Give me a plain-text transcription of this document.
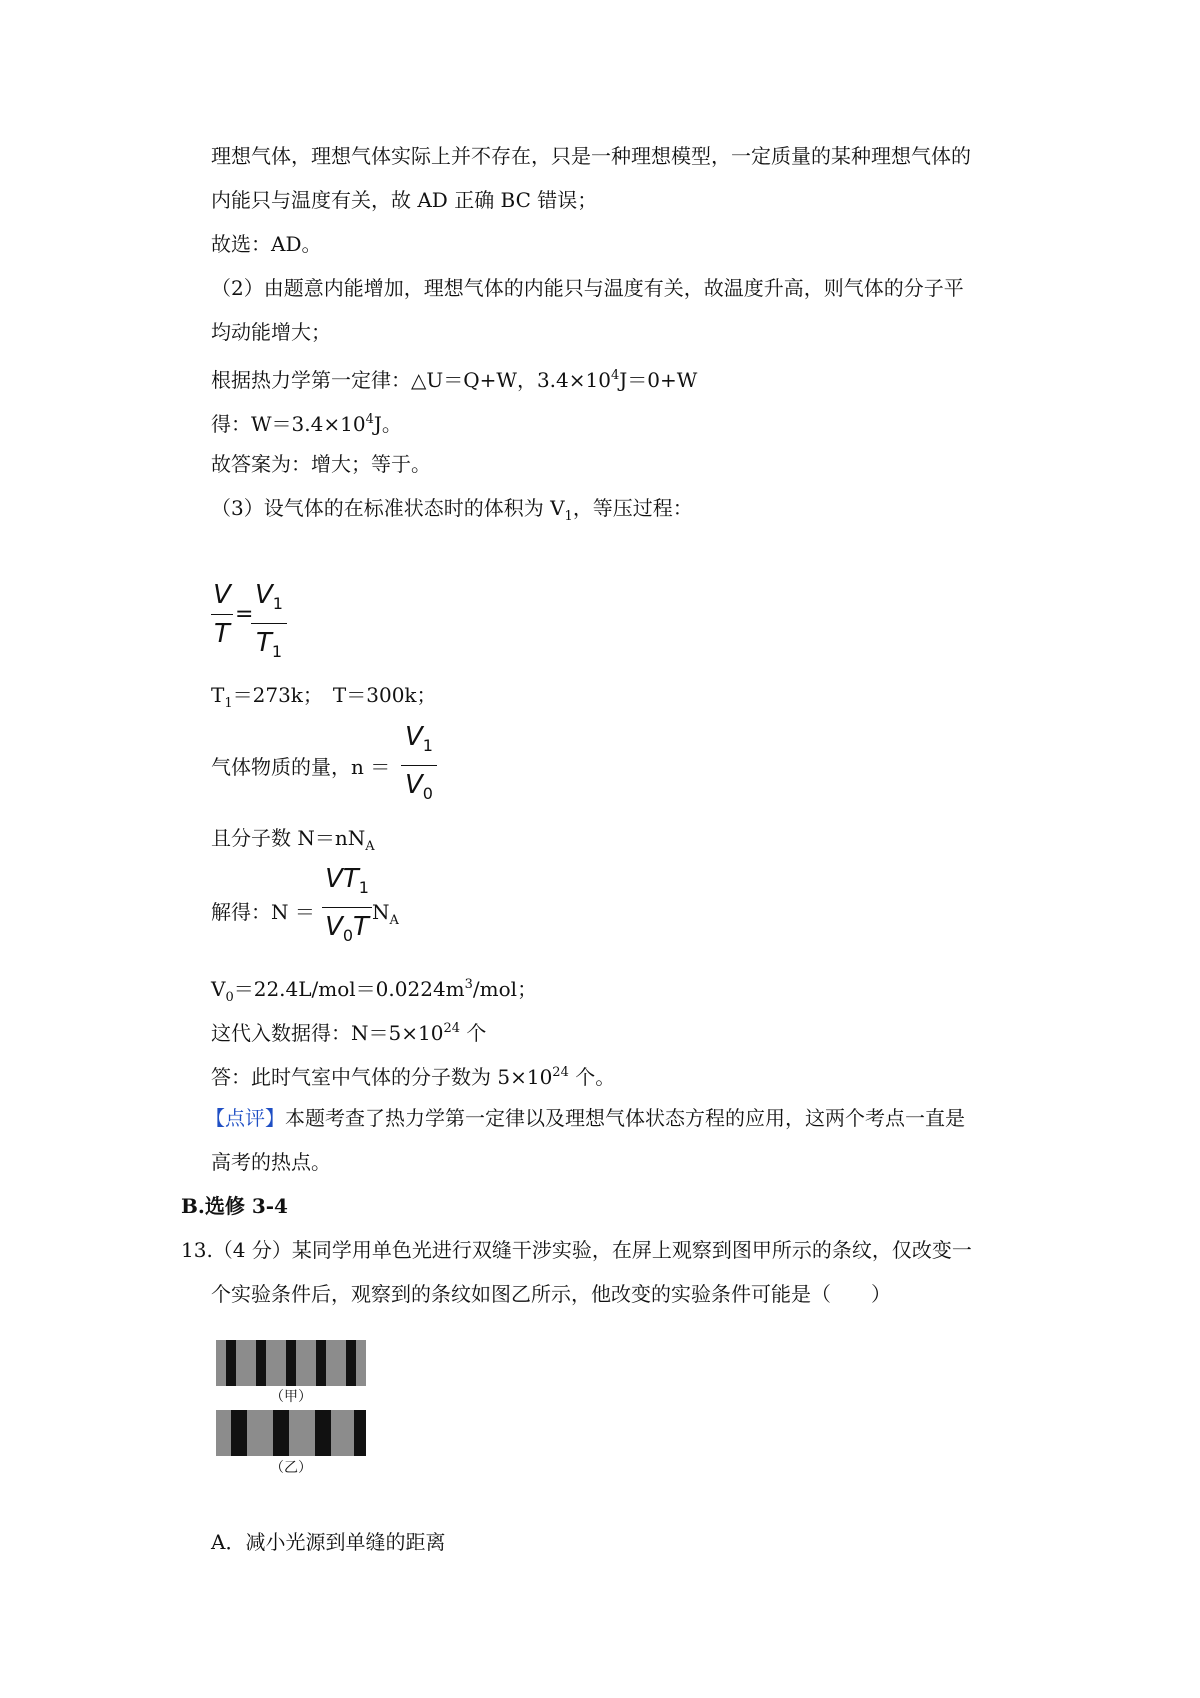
理想气体，理想气体实际上并不存在，只是一种理想模型，一定质量的某种理想气体的
内能只与温度有关，故 AD 正确 BC 错误；
故选：AD。
（2）由题意内能增加，理想气体的内能只与温度有关，故温度升高，则气体的分子平
均动能增大；
根据热力学第一定律：△U＝Q+W，$3.4\times 10^4J=0+W$
得：$W=3.4\times 10^4J$。
故答案为：增大；等于。
（3）设气体的在标准状态时的体积为 $V_1$，等压过程：
V
T
=
$V_1$
$T_1$
$T_1=273k$；　T＝300k；
气体物质的量，n ＝
$V_1$
$V_0$
且分子数 $N=nN_A$
解得：N ＝
$VT_1$
$V_0T$ $N_A$
$V_0=22.4L/mol=0.0224m^3$/mol；
这代入数据得：$N=5\times 10^{24}$ 个
答：此时气室中气体的分子数为 $5\times 10^{24}$ 个。
【点评】本题考查了热力学第一定律以及理想气体状态方程的应用，这两个考点一直是
高考的热点。
B.选修 3-4
13.（4 分）某同学用单色光进行双缝干涉实验，在屏上观察到图甲所示的条纹，仅改变一
个实验条件后，观察到的条纹如图乙所示，他改变的实验条件可能是（　　）
（甲）
（乙）
A．减小光源到单缝的距离
